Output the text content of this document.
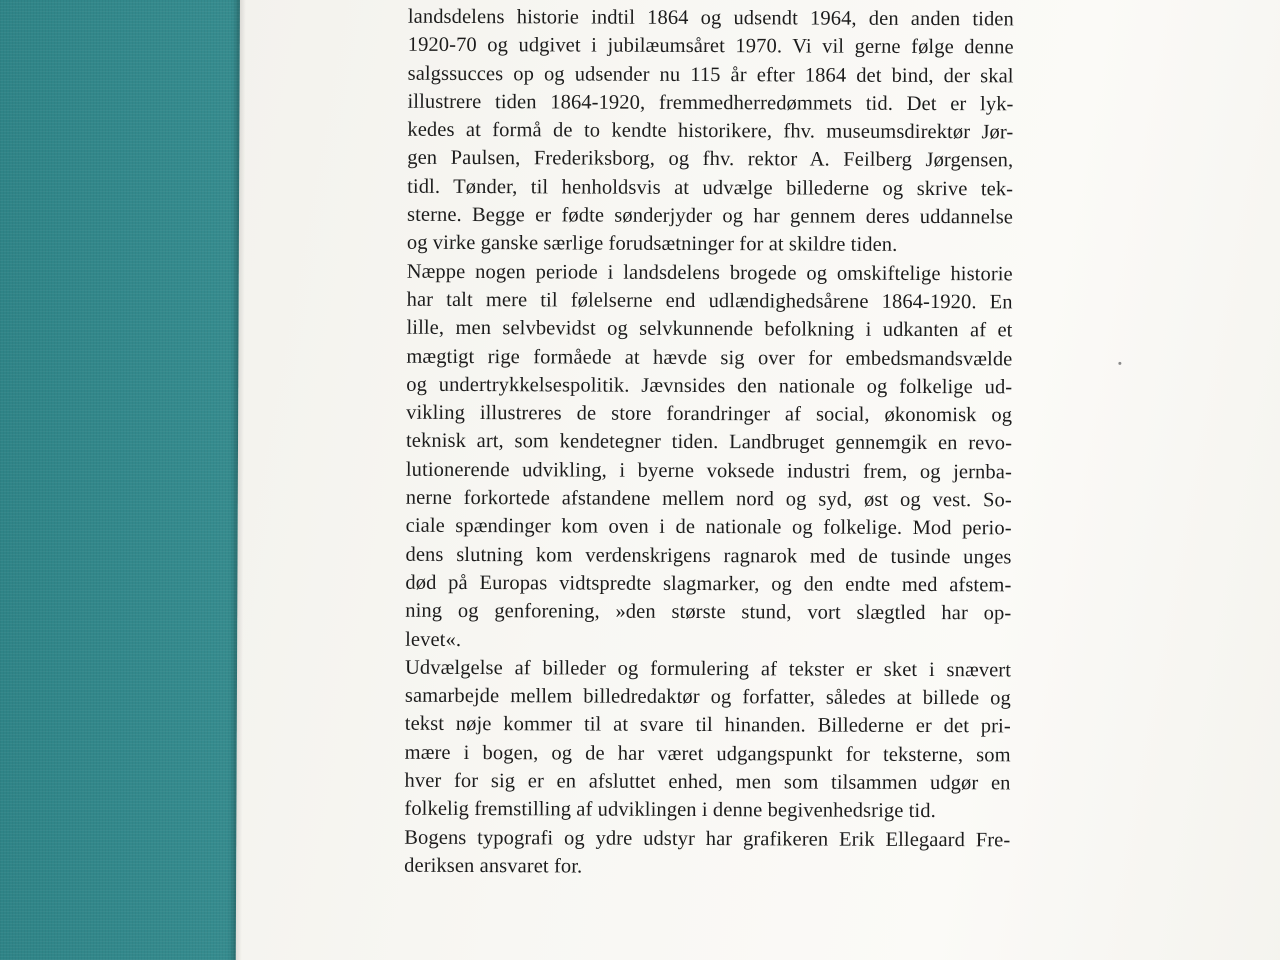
landsdelens historie indtil 1864 og udsendt 1964, den anden tiden
1920-70 og udgivet i jubilæumsåret 1970. Vi vil gerne følge denne
salgssucces op og udsender nu 115 år efter 1864 det bind, der skal
illustrere tiden 1864-1920, fremmedherredømmets tid. Det er lyk-
kedes at formå de to kendte historikere, fhv. museumsdirektør Jør-
gen Paulsen, Frederiksborg, og fhv. rektor A. Feilberg Jørgensen,
tidl. Tønder, til henholdsvis at udvælge billederne og skrive tek-
sterne. Begge er fødte sønderjyder og har gennem deres uddannelse
og virke ganske særlige forudsætninger for at skildre tiden.
Næppe nogen periode i landsdelens brogede og omskiftelige historie
har talt mere til følelserne end udlændighedsårene 1864-1920. En
lille, men selvbevidst og selvkunnende befolkning i udkanten af et
mægtigt rige formåede at hævde sig over for embedsmandsvælde
og undertrykkelsespolitik. Jævnsides den nationale og folkelige ud-
vikling illustreres de store forandringer af social, økonomisk og
teknisk art, som kendetegner tiden. Landbruget gennemgik en revo-
lutionerende udvikling, i byerne voksede industri frem, og jernba-
nerne forkortede afstandene mellem nord og syd, øst og vest. So-
ciale spændinger kom oven i de nationale og folkelige. Mod perio-
dens slutning kom verdenskrigens ragnarok med de tusinde unges
død på Europas vidtspredte slagmarker, og den endte med afstem-
ning og genforening, »den største stund, vort slægtled har op-
levet«.
Udvælgelse af billeder og formulering af tekster er sket i snævert
samarbejde mellem billedredaktør og forfatter, således at billede og
tekst nøje kommer til at svare til hinanden. Billederne er det pri-
mære i bogen, og de har været udgangspunkt for teksterne, som
hver for sig er en afsluttet enhed, men som tilsammen udgør en
folkelig fremstilling af udviklingen i denne begivenhedsrige tid.
Bogens typografi og ydre udstyr har grafikeren Erik Ellegaard Fre-
deriksen ansvaret for.
